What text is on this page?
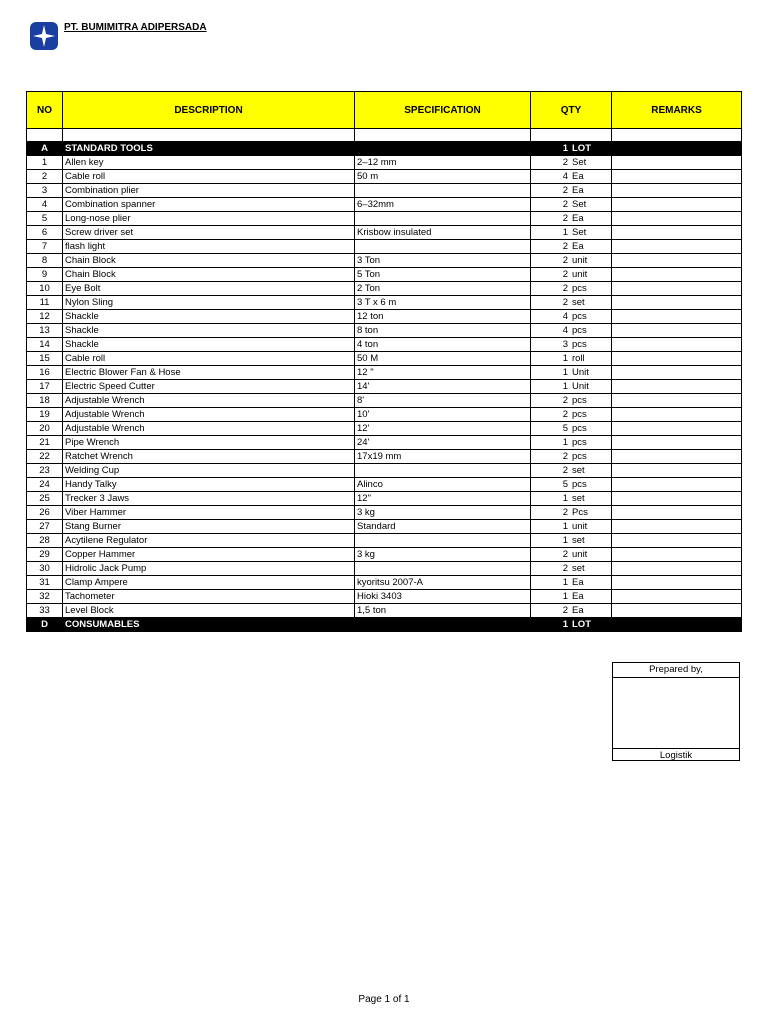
PT. BUMIMITRA ADIPERSADA
NO	DESCRIPTION	SPECIFICATION	QTY	REMARKS

A	STANDARD TOOLS		1 LOT	

1	Allen key	2–12 mm	2 Set	

2	Cable roll	50 m	4 Ea	

3	Combination plier		2 Ea	

4	Combination spanner	6–32mm	2 Set	

5	Long-nose plier		2 Ea	

6	Screw driver set	Krisbow insulated	1 Set	

7	flash light		2 Ea	

8	Chain Block	3 Ton	2 unit	

9	Chain Block	5 Ton	2 unit	

10	Eye Bolt	2 Ton	2 pcs	

11	Nylon Sling	3 T x 6 m	2 set	

12	Shackle	12 ton	4 pcs	

13	Shackle	8 ton	4 pcs	

14	Shackle	4 ton	3 pcs	

15	Cable roll	50 M	1 roll	

16	Electric Blower Fan & Hose	12 "	1 Unit	

17	Electric Speed Cutter	14'	1 Unit	

18	Adjustable Wrench	8'	2 pcs	

19	Adjustable Wrench	10'	2 pcs	

20	Adjustable Wrench	12'	5 pcs	

21	Pipe Wrench	24'	1 pcs	

22	Ratchet Wrench	17x19 mm	2 pcs	

23	Welding Cup		2 set	

24	Handy Talky	Alinco	5 pcs	

25	Trecker 3 Jaws	12"	1 set	

26	Viber Hammer	3 kg	2 Pcs	

27	Stang Burner	Standard	1 unit	

28	Acytilene Regulator		1 set	

29	Copper Hammer	3 kg	2 unit	

30	Hidrolic Jack Pump		2 set	

31	Clamp Ampere	kyoritsu 2007-A	1 Ea	

32	Tachometer	Hioki 3403	1 Ea	

33	Level Block	1,5 ton	2 Ea	

D	CONSUMABLES		1 LOT	

Prepared by,
Logistik
Page 1 of 1
